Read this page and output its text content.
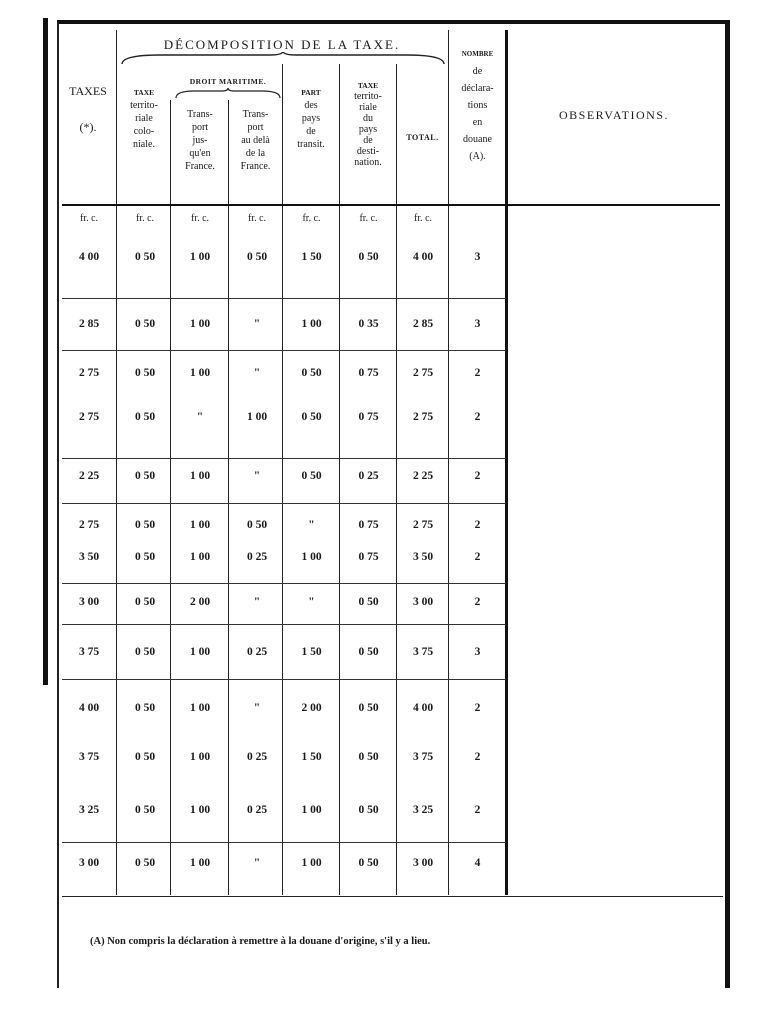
DÉCOMPOSITION DE LA TAXE.
DROIT MARITIME.
TAXES
(*).
TAXE
territo-
riale
colo-
niale.
Trans-
port
jus-
qu'en
France.
Trans-
port
au delà
de la
France.
PART
des
pays
de
transit.
TAXE
territo-
riale
du
pays
de
desti-
nation.
TOTAL.
NOMBRE
de
déclara-
tions
en
douane
(A).
OBSERVATIONS.
fr. c.	fr. c.	fr. c.	fr. c.	fr. c.	fr. c.	fr. c.
4 00	0 50	1 00	0 50	1 50	0 50	4 00	3
2 85	0 50	1 00	"	1 00	0 35	2 85	3
2 75	0 50	1 00	"	0 50	0 75	2 75	2
2 75	0 50	"	1 00	0 50	0 75	2 75	2
2 25	0 50	1 00	"	0 50	0 25	2 25	2
2 75	0 50	1 00	0 50	"	0 75	2 75	2
3 50	0 50	1 00	0 25	1 00	0 75	3 50	2
3 00	0 50	2 00	"	"	0 50	3 00	2
3 75	0 50	1 00	0 25	1 50	0 50	3 75	3
4 00	0 50	1 00	"	2 00	0 50	4 00	2
3 75	0 50	1 00	0 25	1 50	0 50	3 75	2
3 25	0 50	1 00	0 25	1 00	0 50	3 25	2
3 00	0 50	1 00	"	1 00	0 50	3 00	4
(A) Non compris la déclaration à remettre à la douane d'origine, s'il y a lieu.
